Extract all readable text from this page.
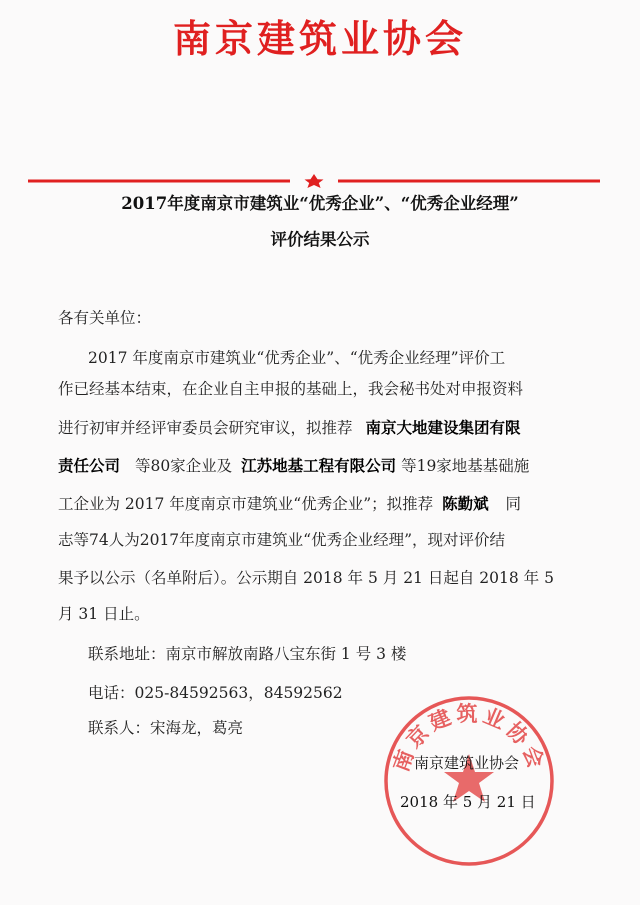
南京建筑业协会
2017年度南京市建筑业“优秀企业”、“优秀企业经理”
评价结果公示
各有关单位：
2017 年度南京市建筑业“优秀企业”、“优秀企业经理”评价工
作已经基本结束，在企业自主申报的基础上，我会秘书处对申报资料
进行初审并经评审委员会研究审议，拟推荐 南京大地建设集团有限
责任公司 等80家企业及 江苏地基工程有限公司 等19家地基基础施
工企业为 2017 年度南京市建筑业“优秀企业”；拟推荐 陈勤斌 同
志等74人为2017年度南京市建筑业“优秀企业经理”，现对评价结
果予以公示（名单附后）。公示期自 2018 年 5 月 21 日起自 2018 年 5
月 31 日止。
联系地址：南京市解放南路八宝东街 1 号 3 楼
电话：025-84592563，84592562
联系人：宋海龙，葛亮
南京建筑业协会
南京建筑业协会
2018 年 5 月 21 日
